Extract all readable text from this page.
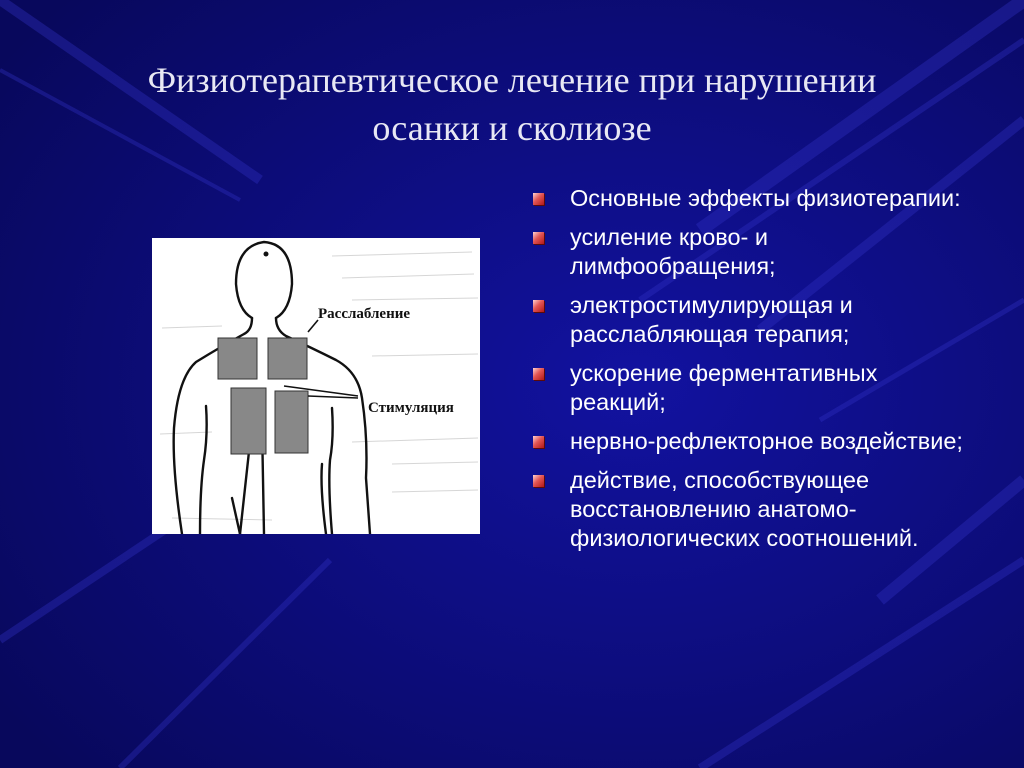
Физиотерапевтическое лечение при нарушении
осанки и сколиозе
Расслабление
Стимуляция
Основные эффекты физиотерапии:
усиление крово- и лимфообращения;
электростимулирующая и расслабляющая терапия;
ускорение ферментативных реакций;
нервно-рефлекторное воздействие;
действие, способствующее восстановлению анатомо-физиологических соотношений.
